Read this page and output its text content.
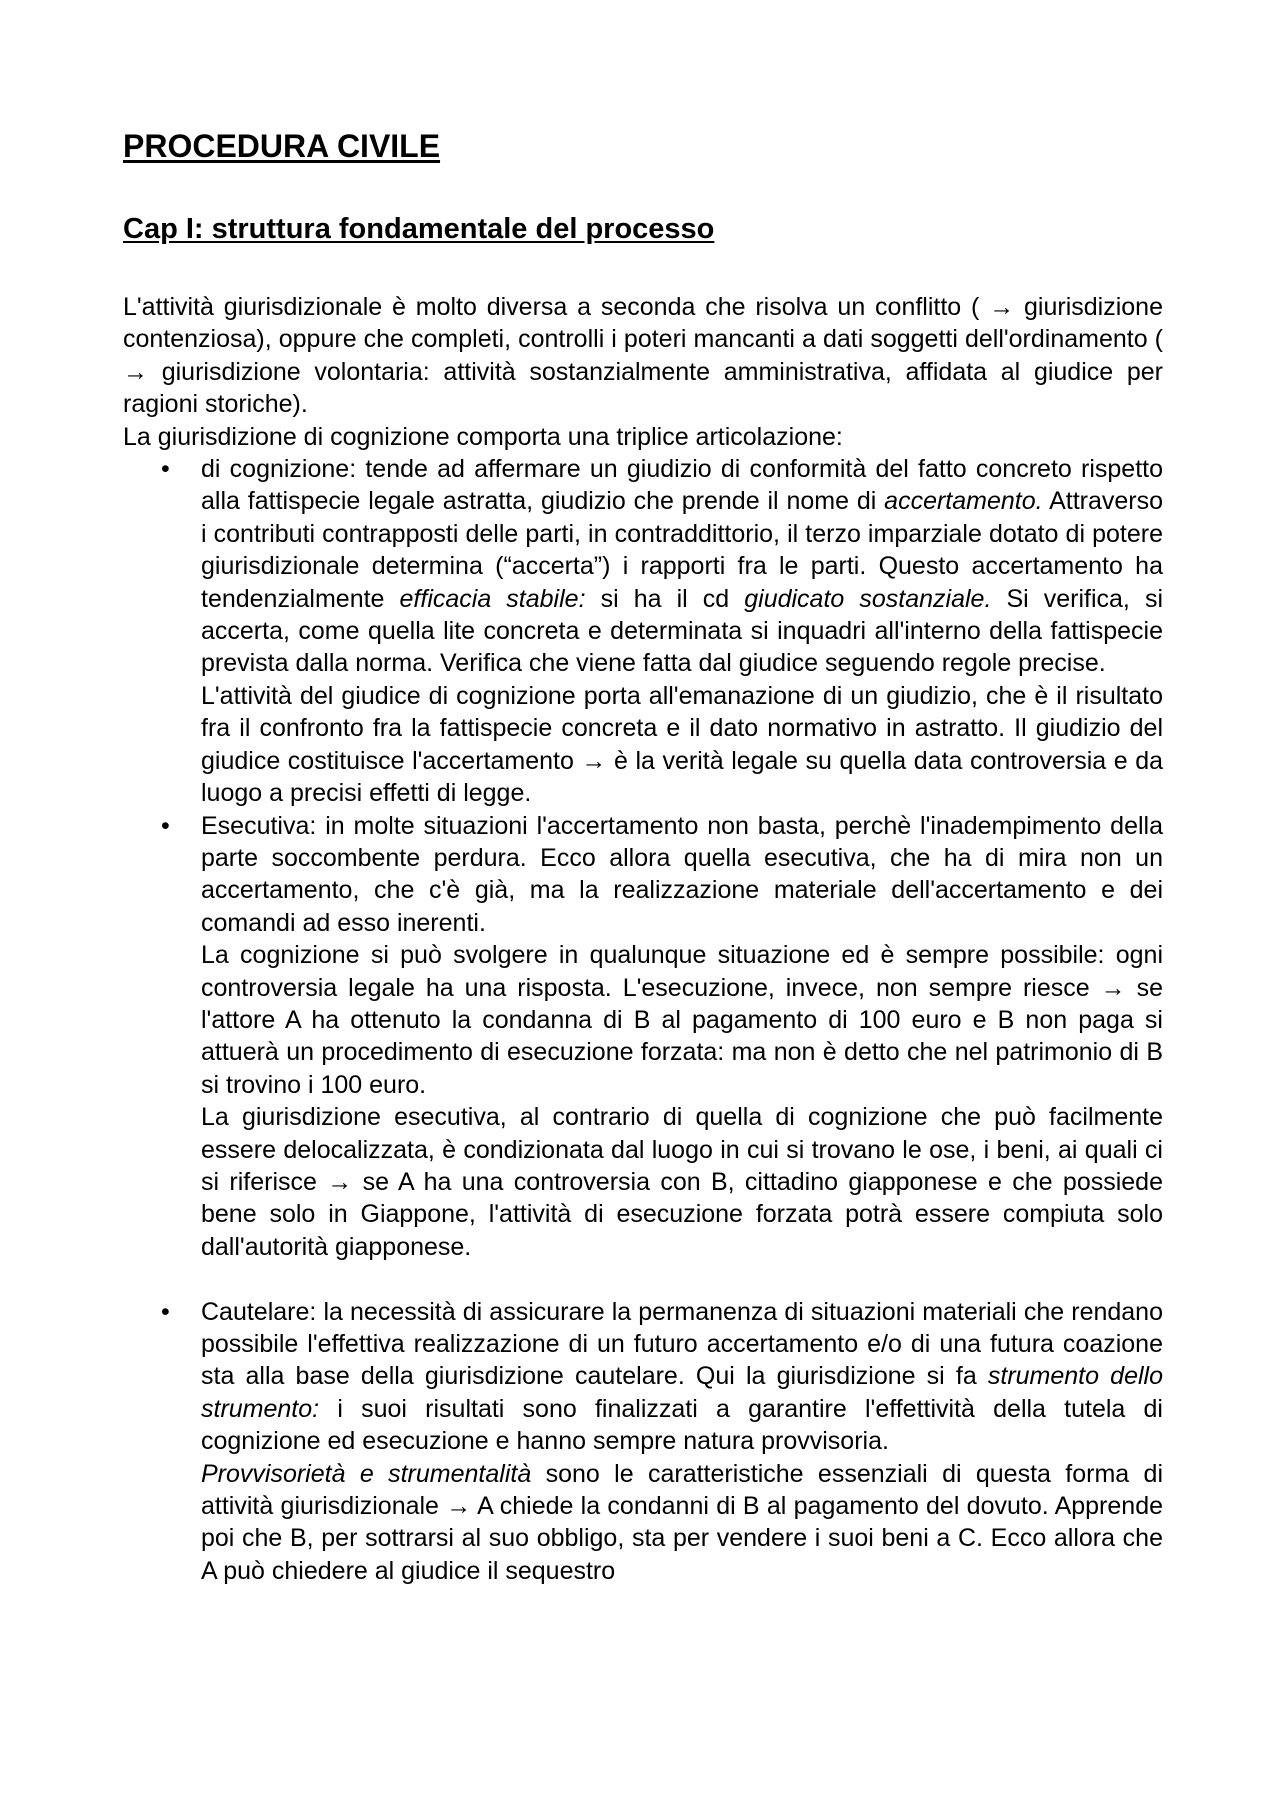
PROCEDURA CIVILE
Cap I: struttura fondamentale del processo

L'attività giurisdizionale è molto diversa a seconda che risolva un conflitto ( → giurisdizione contenziosa), oppure che completi, controlli i poteri mancanti a dati soggetti dell'ordinamento ( → giurisdizione volontaria: attività sostanzialmente amministrativa, affidata al giudice per ragioni storiche).

La giurisdizione di cognizione comporta una triplice articolazione:

• di cognizione: tende ad affermare un giudizio di conformità del fatto concreto rispetto alla fattispecie legale astratta, giudizio che prende il nome di accertamento. Attraverso i contributi contrapposti delle parti, in contraddittorio, il terzo imparziale dotato di potere giurisdizionale determina (“accerta”) i rapporti fra le parti. Questo accertamento ha tendenzialmente efficacia stabile: si ha il cd giudicato sostanziale. Si verifica, si accerta, come quella lite concreta e determinata si inquadri all'interno della fattispecie prevista dalla norma. Verifica che viene fatta dal giudice seguendo regole precise.

L'attività del giudice di cognizione porta all'emanazione di un giudizio, che è il risultato fra il confronto fra la fattispecie concreta e il dato normativo in astratto. Il giudizio del giudice costituisce l'accertamento → è la verità legale su quella data controversia e da luogo a precisi effetti di legge.

• Esecutiva: in molte situazioni l'accertamento non basta, perchè l'inadempimento della parte soccombente perdura. Ecco allora quella esecutiva, che ha di mira non un accertamento, che c'è già, ma la realizzazione materiale dell'accertamento e dei comandi ad esso inerenti.

La cognizione si può svolgere in qualunque situazione ed è sempre possibile: ogni controversia legale ha una risposta. L'esecuzione, invece, non sempre riesce → se l'attore A ha ottenuto la condanna di B al pagamento di 100 euro e B non paga si attuerà un procedimento di esecuzione forzata: ma non è detto che nel patrimonio di B si trovino i 100 euro.

La giurisdizione esecutiva, al contrario di quella di cognizione che può facilmente essere delocalizzata, è condizionata dal luogo in cui si trovano le ose, i beni, ai quali ci si riferisce → se A ha una controversia con B, cittadino giapponese e che possiede bene solo in Giappone, l'attività di esecuzione forzata potrà essere compiuta solo dall'autorità giapponese.

• Cautelare: la necessità di assicurare la permanenza di situazioni materiali che rendano possibile l'effettiva realizzazione di un futuro accertamento e/o di una futura coazione sta alla base della giurisdizione cautelare. Qui la giurisdizione si fa strumento dello strumento: i suoi risultati sono finalizzati a garantire l'effettività della tutela di cognizione ed esecuzione e hanno sempre natura provvisoria.

Provvisorietà e strumentalità sono le caratteristiche essenziali di questa forma di attività giurisdizionale → A chiede la condanni di B al pagamento del dovuto. Apprende poi che B, per sottrarsi al suo obbligo, sta per vendere i suoi beni a C. Ecco allora che A può chiedere al giudice il sequestro
